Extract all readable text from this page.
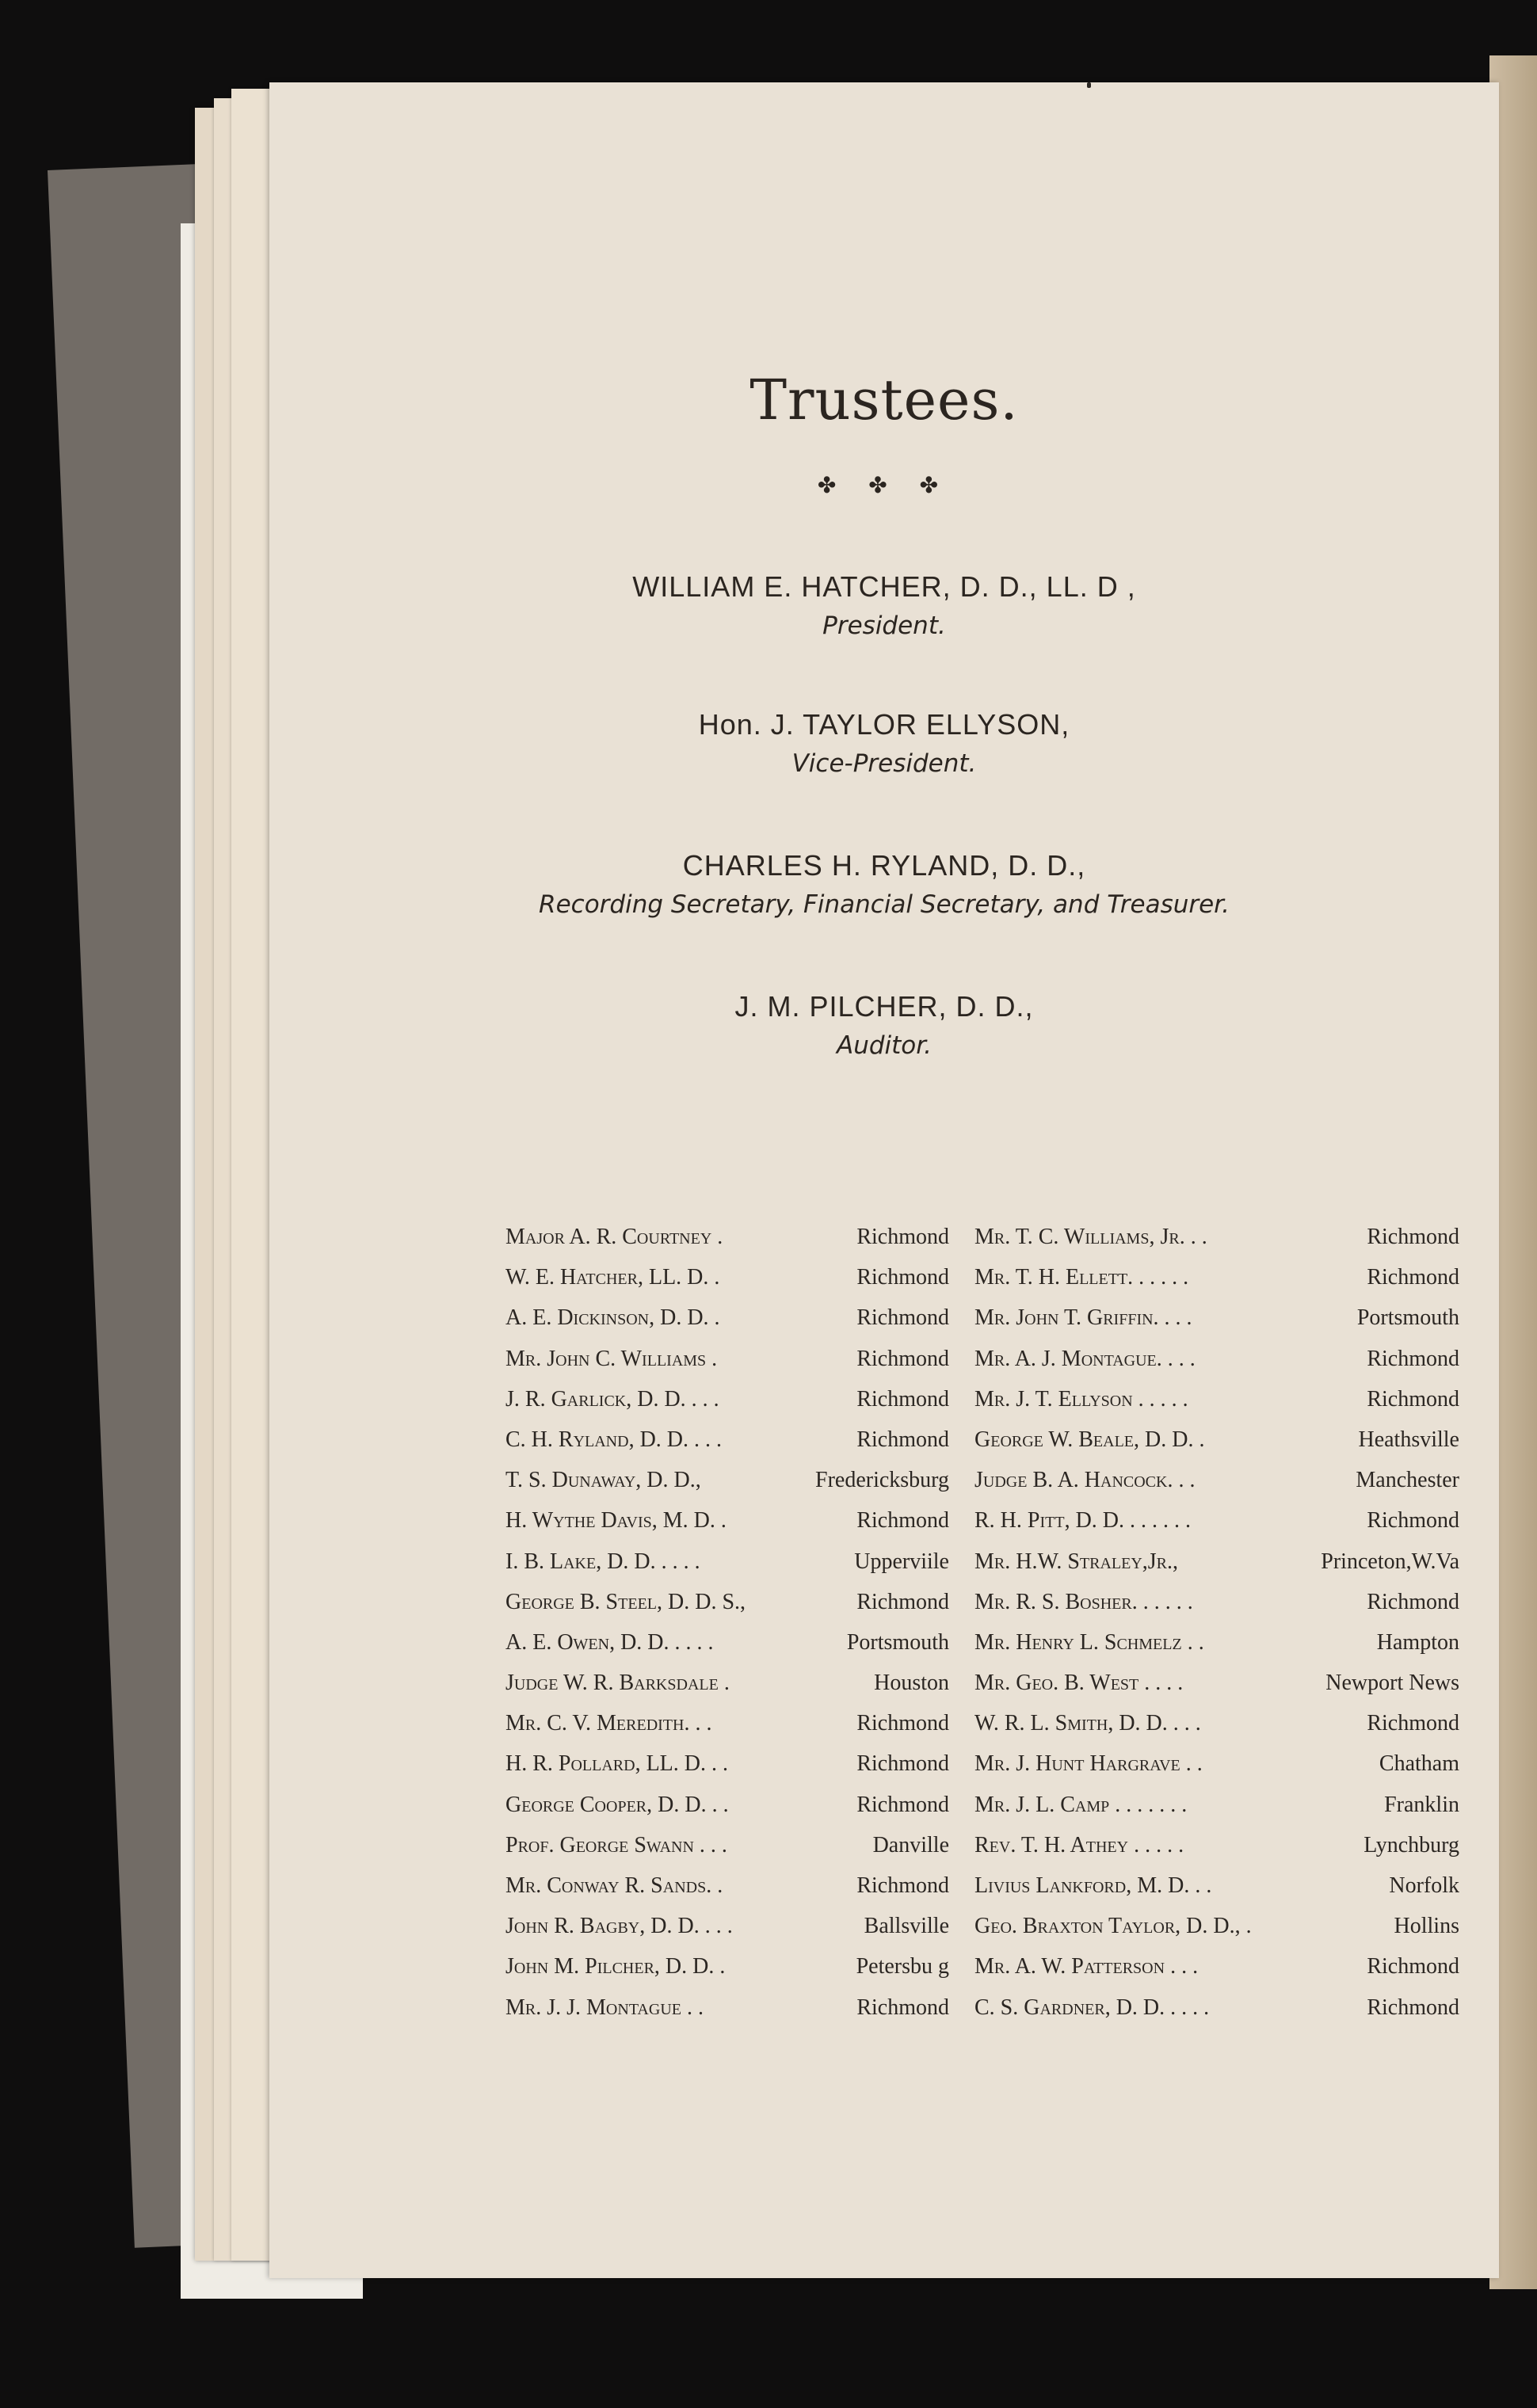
Trustees.
✤ ✤ ✤
WILLIAM E. HATCHER, D. D., LL. D ,
President.
Hon. J. TAYLOR ELLYSON,
Vice-President.
CHARLES H. RYLAND, D. D.,
Recording Secretary, Financial Secretary, and Treasurer.
J. M. PILCHER, D. D.,
Auditor.
Major A. R. Courtney .	Richmond
W. E. Hatcher, LL. D. .	Richmond
A. E. Dickinson, D. D. .	Richmond
Mr. John C. Williams .	Richmond
J. R. Garlick, D. D. . . .	Richmond
C. H. Ryland, D. D. . . .	Richmond
T. S. Dunaway, D. D.,	Fredericksburg
H. Wythe Davis, M. D. .	Richmond
I. B. Lake, D. D. . . . .	Upperviile
George B. Steel, D. D. S.,	Richmond
A. E. Owen, D. D. . . . .	Portsmouth
Judge W. R. Barksdale .	Houston
Mr. C. V. Meredith. . .	Richmond
H. R. Pollard, LL. D. . .	Richmond
George Cooper, D. D. . .	Richmond
Prof. George Swann . . .	Danville
Mr. Conway R. Sands. .	Richmond
John R. Bagby, D. D. . . .	Ballsville
John M. Pilcher, D. D. .	Petersbu g
Mr. J. J. Montague . .	Richmond
Mr. T. C. Williams, Jr. . .	Richmond
Mr. T. H. Ellett. . . . . .	Richmond
Mr. John T. Griffin. . . .	Portsmouth
Mr. A. J. Montague. . . .	Richmond
Mr. J. T. Ellyson . . . . .	Richmond
George W. Beale, D. D. .	Heathsville
Judge B. A. Hancock. . .	Manchester
R. H. Pitt, D. D. . . . . . .	Richmond
Mr. H.W. Straley,Jr.,	Princeton,W.Va
Mr. R. S. Bosher. . . . . .	Richmond
Mr. Henry L. Schmelz . .	Hampton
Mr. Geo. B. West . . . .	Newport News
W. R. L. Smith, D. D. . . .	Richmond
Mr. J. Hunt Hargrave . .	Chatham
Mr. J. L. Camp . . . . . . .	Franklin
Rev. T. H. Athey . . . . .	Lynchburg
Livius Lankford, M. D. . .	Norfolk
Geo. Braxton Taylor, D. D., .	Hollins
Mr. A. W. Patterson . . .	Richmond
C. S. Gardner, D. D. . . . .	Richmond
